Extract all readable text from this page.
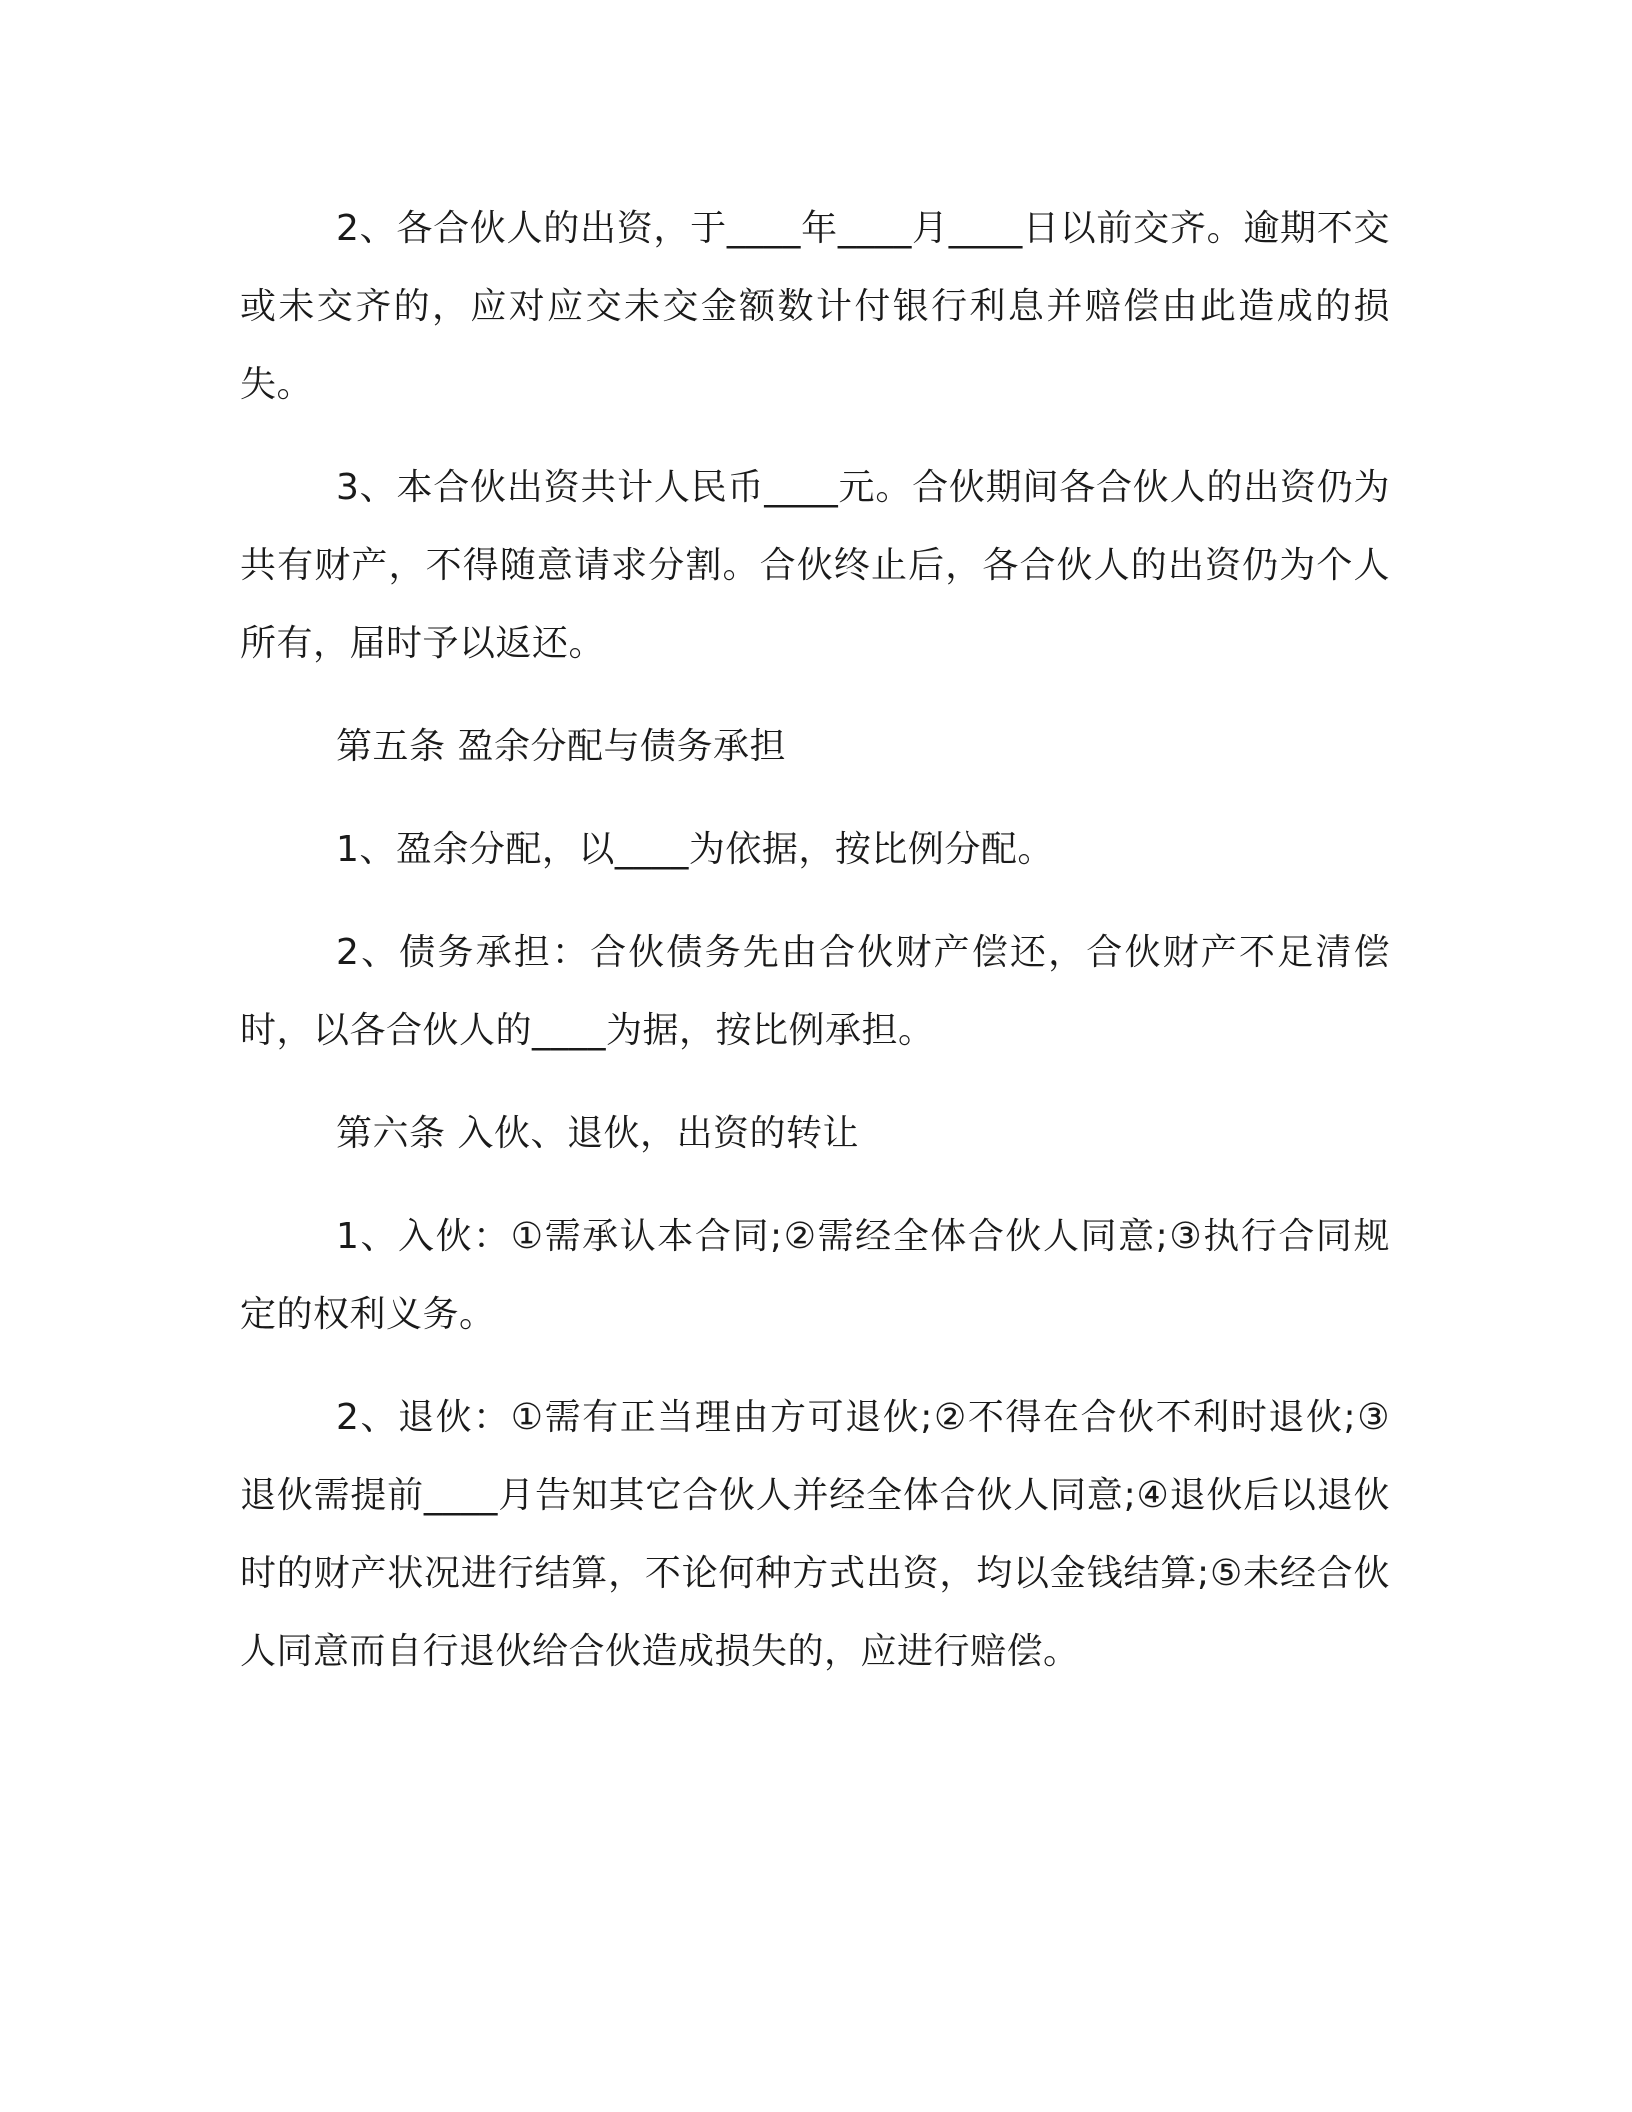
2、各合伙人的出资，于____年____月____日以前交齐。逾期不交或未交齐的，应对应交未交金额数计付银行利息并赔偿由此造成的损失。

3、本合伙出资共计人民币____元。合伙期间各合伙人的出资仍为共有财产，不得随意请求分割。合伙终止后，各合伙人的出资仍为个人所有，届时予以返还。

第五条 盈余分配与债务承担

1、盈余分配，以____为依据，按比例分配。

2、债务承担：合伙债务先由合伙财产偿还，合伙财产不足清偿时，以各合伙人的____为据，按比例承担。

第六条 入伙、退伙，出资的转让

1、入伙：①需承认本合同;②需经全体合伙人同意;③执行合同规定的权利义务。

2、退伙：①需有正当理由方可退伙;②不得在合伙不利时退伙;③退伙需提前____月告知其它合伙人并经全体合伙人同意;④退伙后以退伙时的财产状况进行结算，不论何种方式出资，均以金钱结算;⑤未经合伙人同意而自行退伙给合伙造成损失的，应进行赔偿。
